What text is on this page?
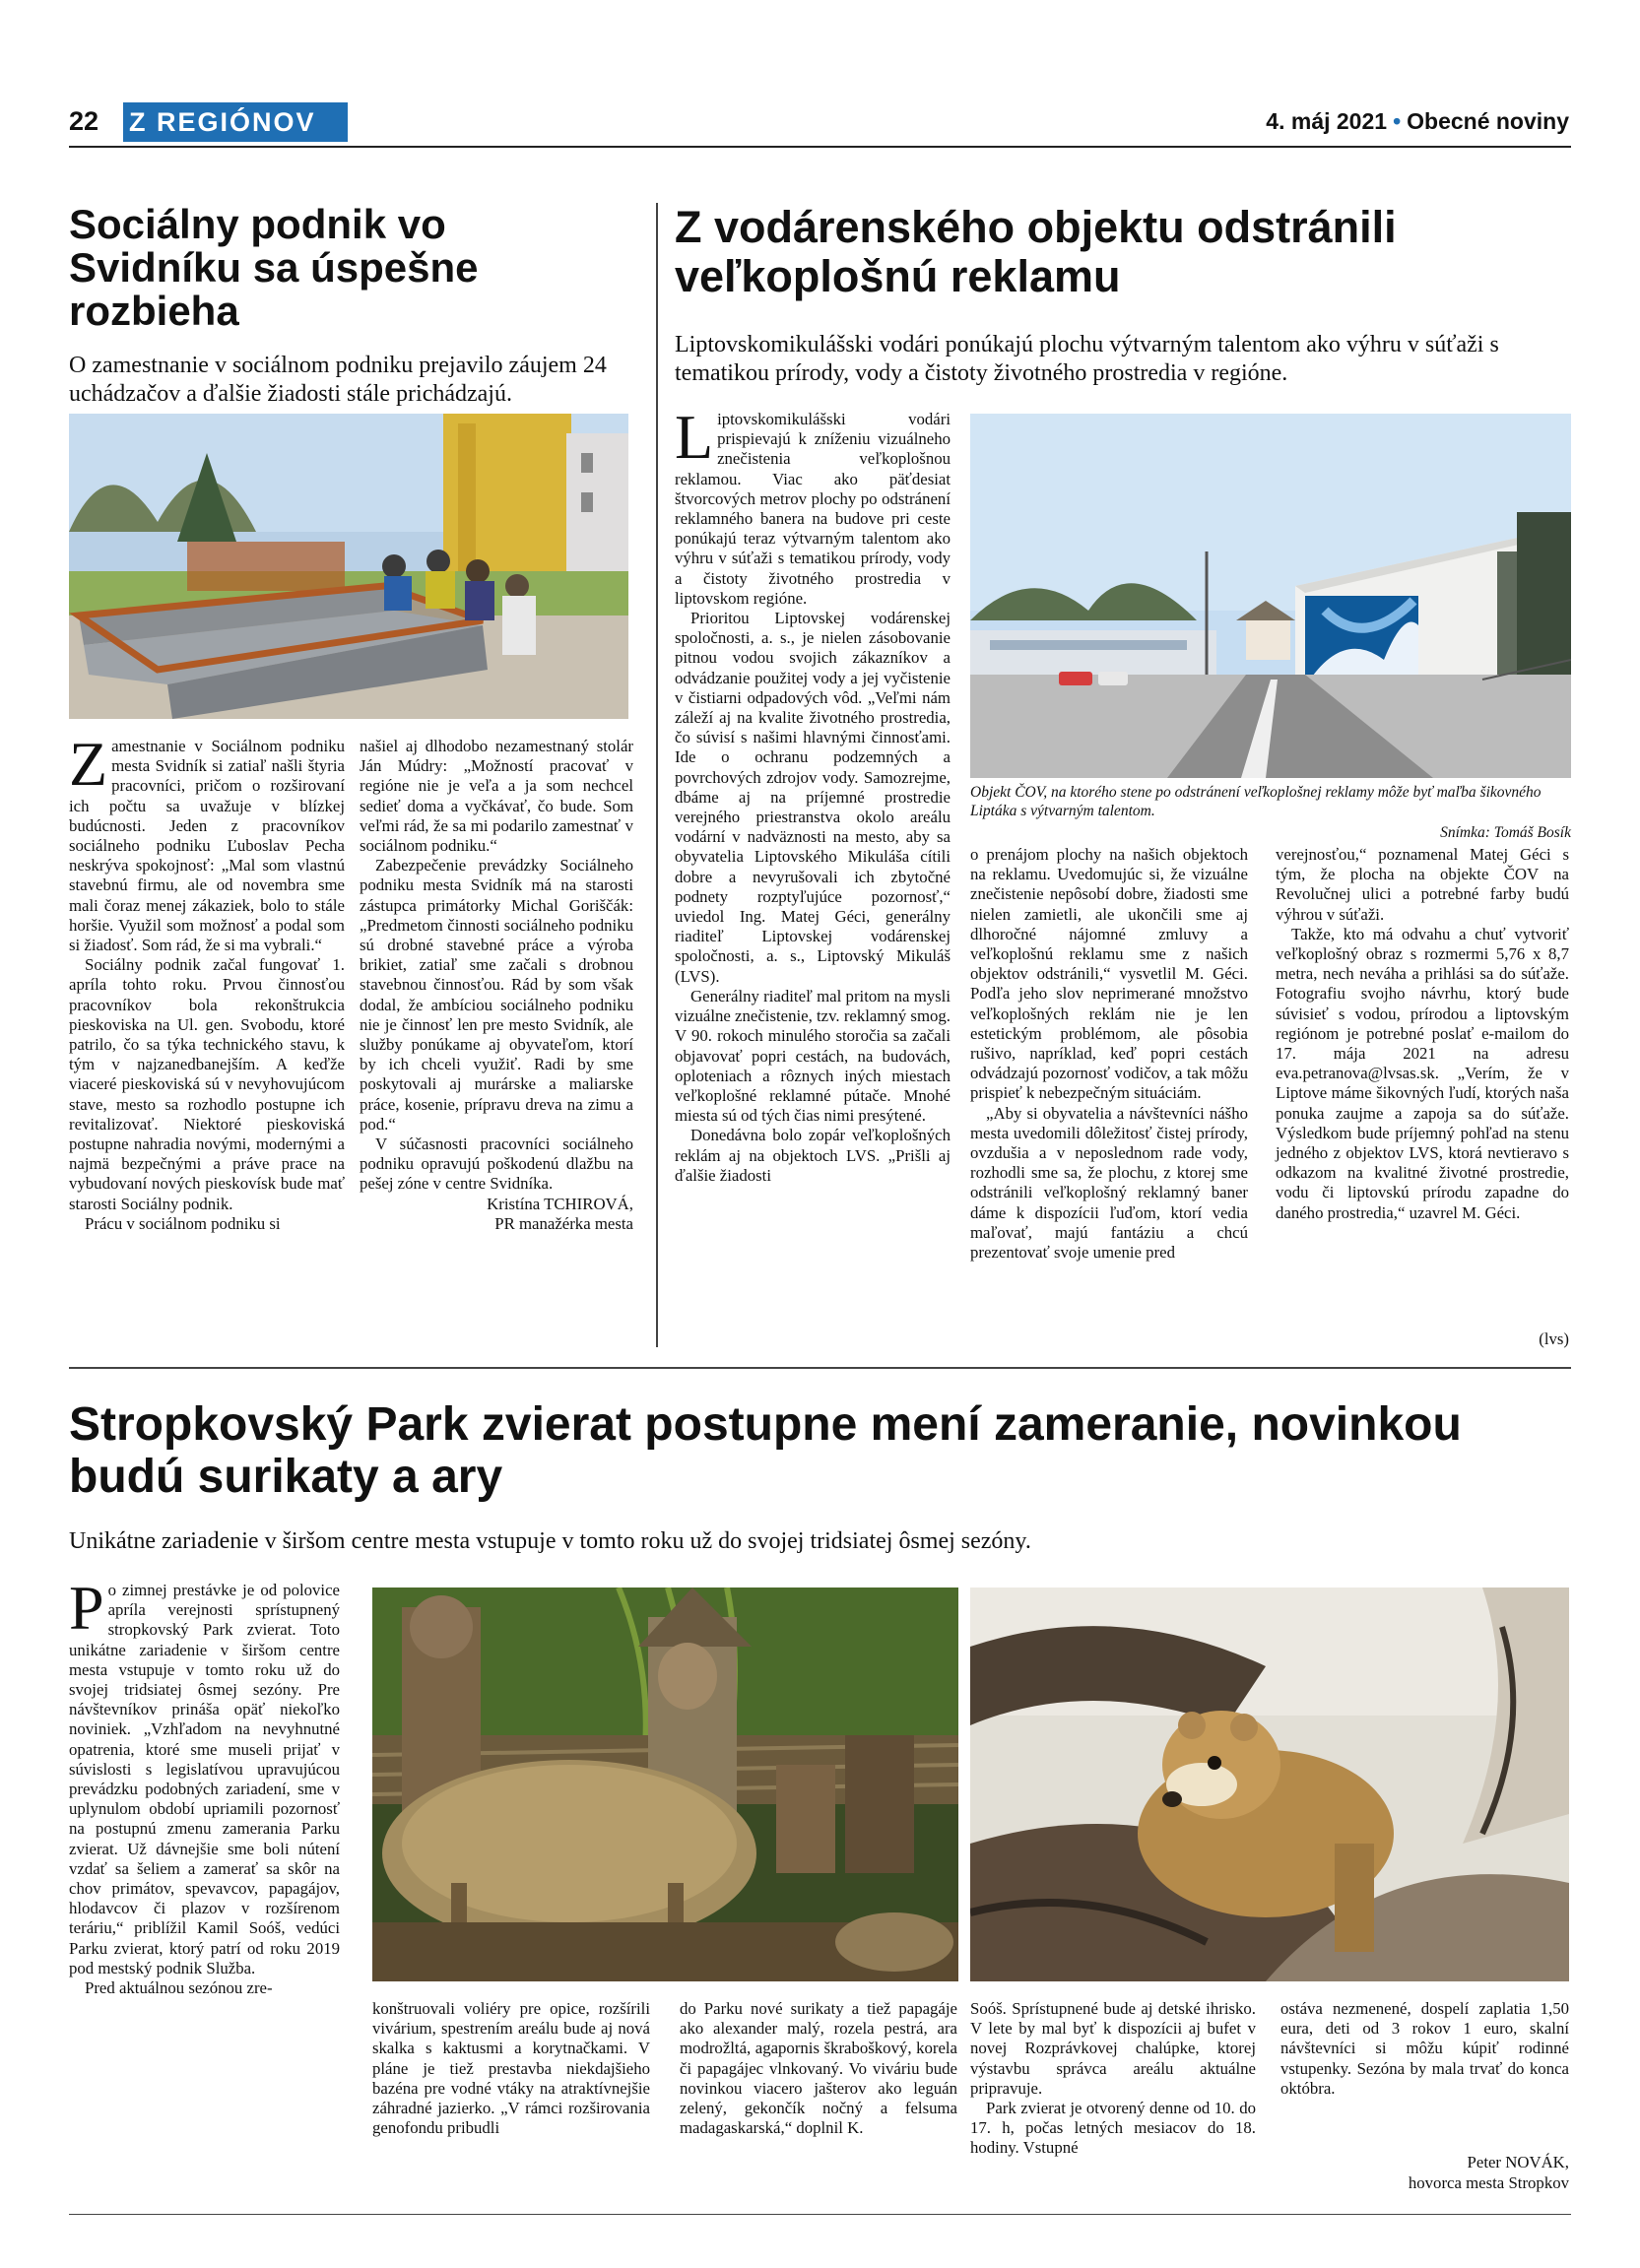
22 Z REGIÓNOV	4. máj 2021 • Obecné noviny
Sociálny podnik vo Svidníku sa úspešne rozbieha
O zamestnanie v sociálnom podniku prejavilo záujem 24 uchádzačov a ďalšie žiadosti stále prichádzajú.

Zamestnanie v Sociálnom podniku mesta Svidník si zatiaľ našli štyria pracovníci, pričom o rozširovaní ich počtu sa uvažuje v blízkej budúcnosti. Jeden z pracovníkov sociálneho podniku Ľuboslav Pecha neskrýva spokojnosť: „Mal som vlastnú stavebnú firmu, ale od novembra sme mali čoraz menej zákaziek, bolo to stále horšie. Využil som možnosť a podal som si žiadosť. Som rád, že si ma vybrali.“

Sociálny podnik začal fungovať 1. apríla tohto roku. Prvou činnosťou pracovníkov bola rekonštrukcia pieskoviska na Ul. gen. Svobodu, ktoré patrilo, čo sa týka technického stavu, k tým v najzanedbanejším. A keďže viaceré pieskoviská sú v nevyhovujúcom stave, mesto sa rozhodlo postupne ich revitalizovať. Niektoré pieskoviská postupne nahradia novými, modernými a najmä bezpečnými a práve prace na vybudovaní nových pieskovísk bude mať starosti Sociálny podnik.

Prácu v sociálnom podniku si

našiel aj dlhodobo nezamestnaný stolár Ján Múdry: „Možností pracovať v regióne nie je veľa a ja som nechcel sedieť doma a vyčkávať, čo bude. Som veľmi rád, že sa mi podarilo zamestnať v sociálnom podniku.“

Zabezpečenie prevádzky Sociálneho podniku mesta Svidník má na starosti zástupca primátorky Michal Goriščák: „Predmetom činnosti sociálneho podniku sú drobné stavebné práce a výroba brikiet, zatiaľ sme začali s drobnou stavebnou činnosťou. Rád by som však dodal, že ambíciou sociálneho podniku nie je činnosť len pre mesto Svidník, ale služby ponúkame aj obyvateľom, ktorí by ich chceli využiť. Radi by sme poskytovali aj murárske a maliarske práce, kosenie, prípravu dreva na zimu a pod.“

V súčasnosti pracovníci sociálneho podniku opravujú poškodenú dlažbu na pešej zóne v centre Svidníka.

Kristína TCHIROVÁ,
PR manažérka mesta
Z vodárenského objektu odstránili veľkoplošnú reklamu
Liptovskomikulášski vodári ponúkajú plochu výtvarným talentom ako výhru v súťaži s tematikou prírody, vody a čistoty životného prostredia v regióne.

Liptovskomikulášski vodári prispievajú k zníženiu vizuálneho znečistenia veľkoplošnou reklamou. Viac ako päťdesiat štvorcových metrov plochy po odstránení reklamného banera na budove pri ceste ponúkajú teraz výtvarným talentom ako výhru v súťaži s tematikou prírody, vody a čistoty životného prostredia v liptovskom regióne.

Prioritou Liptovskej vodárenskej spoločnosti, a. s., je nielen zásobovanie pitnou vodou svojich zákazníkov a odvádzanie použitej vody a jej vyčistenie v čistiarni odpadových vôd. „Veľmi nám záleží aj na kvalite životného prostredia, čo súvisí s našimi hlavnými činnosťami. Ide o ochranu podzemných a povrchových zdrojov vody. Samozrejme, dbáme aj na príjemné prostredie verejného priestranstva okolo areálu vodární v nadväznosti na mesto, aby sa obyvatelia Liptovského Mikuláša cítili dobre a nevyrušovali ich zbytočné podnety rozptyľujúce pozornosť,“ uviedol Ing. Matej Géci, generálny riaditeľ Liptovskej vodárenskej spoločnosti, a. s., Liptovský Mikuláš (LVS).

Generálny riaditeľ mal pritom na mysli vizuálne znečistenie, tzv. reklamný smog. V 90. rokoch minulého storočia sa začali objavovať popri cestách, na budovách, oploteniach a rôznych iných miestach veľkoplošné reklamné pútače. Mnohé miesta sú od tých čias nimi presýtené.

Donedávna bolo zopár veľkoplošných reklám aj na objektoch LVS. „Prišli aj ďalšie žiadosti

Objekt ČOV, na ktorého stene po odstránení veľkoplošnej reklamy môže byť maľba šikovného Liptáka s výtvarným talentom.
Snímka: Tomáš Bosík

o prenájom plochy na našich objektoch na reklamu. Uvedomujúc si, že vizuálne znečistenie nepôsobí dobre, žiadosti sme nielen zamietli, ale ukončili sme aj dlhoročné nájomné zmluvy a veľkoplošnú reklamu sme z našich objektov odstránili,“ vysvetlil M. Géci. Podľa jeho slov neprimerané množstvo veľkoplošných reklám nie je len estetickým problémom, ale pôsobia rušivo, napríklad, keď popri cestách odvádzajú pozornosť vodičov, a tak môžu prispieť k nebezpečným situáciám.

„Aby si obyvatelia a návštevníci nášho mesta uvedomili dôležitosť čistej prírody, ovzdušia a v neposlednom rade vody, rozhodli sme sa, že plochu, z ktorej sme odstránili veľkoplošný reklamný baner dáme k dispozícii ľuďom, ktorí vedia maľovať, majú fantáziu a chcú prezentovať svoje umenie pred

verejnosťou,“ poznamenal Matej Géci s tým, že plocha na objekte ČOV na Revolučnej ulici a potrebné farby budú výhrou v súťaži.

Takže, kto má odvahu a chuť vytvoriť veľkoplošný obraz s rozmermi 5,76 x 8,7 metra, nech neváha a prihlási sa do súťaže. Fotografiu svojho návrhu, ktorý bude súvisieť s vodou, prírodou a liptovským regiónom je potrebné poslať e-mailom do 17. mája 2021 na adresu eva.petranova@lvsas.sk. „Verím, že v Liptove máme šikovných ľudí, ktorých naša ponuka zaujme a zapoja sa do súťaže. Výsledkom bude príjemný pohľad na stenu jedného z objektov LVS, ktorá nevtieravo s odkazom na kvalitné životné prostredie, vodu či liptovskú prírodu zapadne do daného prostredia,“ uzavrel M. Géci.

(lvs)
Stropkovský Park zvierat postupne mení zameranie, novinkou budú surikaty a ary
Unikátne zariadenie v širšom centre mesta vstupuje v tomto roku už do svojej tridsiatej ôsmej sezóny.

Po zimnej prestávke je od polovice apríla verejnosti sprístupnený stropkovský Park zvierat. Toto unikátne zariadenie v širšom centre mesta vstupuje v tomto roku už do svojej tridsiatej ôsmej sezóny. Pre návštevníkov prináša opäť niekoľko noviniek. „Vzhľadom na nevyhnutné opatrenia, ktoré sme museli prijať v súvislosti s legislatívou upravujúcou prevádzku podobných zariadení, sme v uplynulom období upriamili pozornosť na postupnú zmenu zamerania Parku zvierat. Už dávnejšie sme boli nútení vzdať sa šeliem a zamerať sa skôr na chov primátov, spevavcov, papagájov, hlodavcov či plazov v rozšírenom teráriu,“ priblížil Kamil Soóš, vedúci Parku zvierat, ktorý patrí od roku 2019 pod mestský podnik Služba.

Pred aktuálnou sezónou zre-

konštruovali voliéry pre opice, rozšírili vivárium, spestrením areálu bude aj nová skalka s kaktusmi a korytnačkami. V pláne je tiež prestavba niekdajšieho bazéna pre vodné vtáky na atraktívnejšie záhradné jazierko. „V rámci rozširovania genofondu pribudli

do Parku nové surikaty a tiež papagáje ako alexander malý, rozela pestrá, ara modrožltá, agapornis škraboškový, korela či papagájec vlnkovaný. Vo viváriu bude novinkou viacero jašterov ako leguán zelený, gekončík nočný a felsuma madagaskarská,“ doplnil K.

Soóš. Sprístupnené bude aj detské ihrisko. V lete by mal byť k dispozícii aj bufet v novej Rozprávkovej chalúpke, ktorej výstavbu správca areálu aktuálne pripravuje.

Park zvierat je otvorený denne od 10. do 17. h, počas letných mesiacov do 18. hodiny. Vstupné

ostáva nezmenené, dospelí zaplatia 1,50 eura, deti od 3 rokov 1 euro, skalní návštevníci si môžu kúpiť rodinné vstupenky. Sezóna by mala trvať do konca októbra.

Peter NOVÁK,
hovorca mesta Stropkov
